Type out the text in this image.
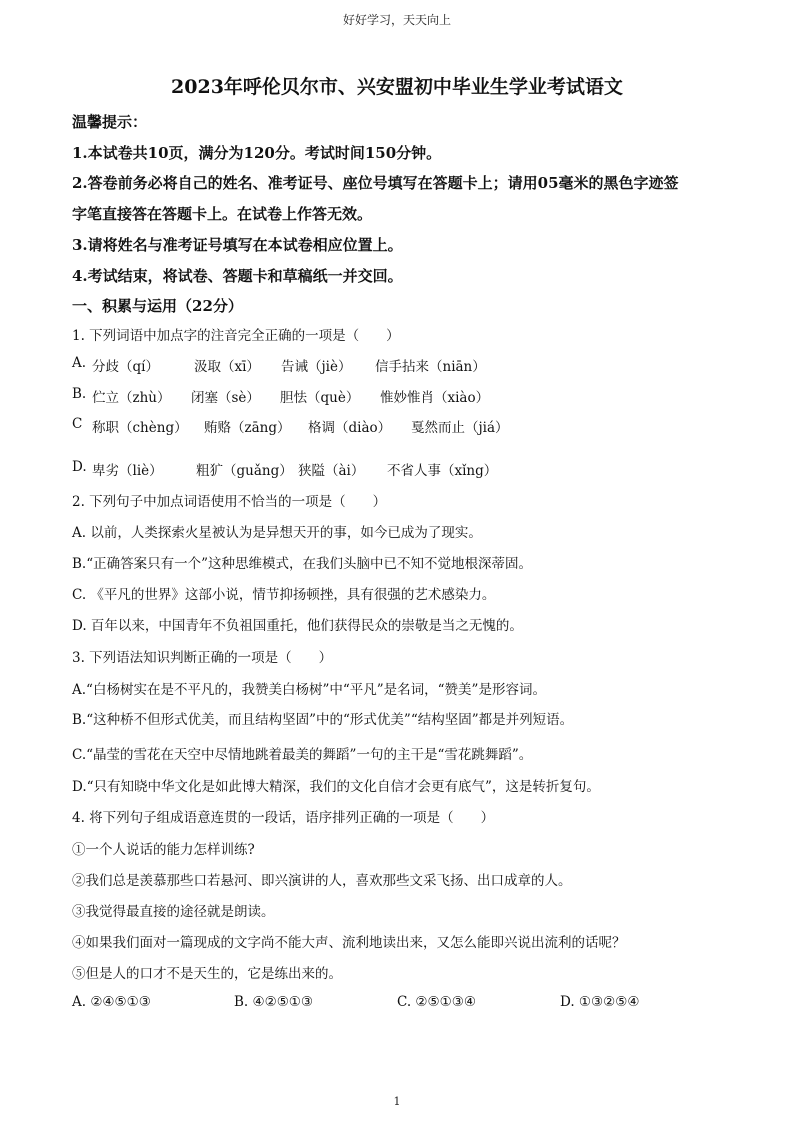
好好学习，天天向上
2023年呼伦贝尔市、兴安盟初中毕业生学业考试语文
温馨提示：
1.本试卷共10页，满分为120分。考试时间150分钟。
2.答卷前务必将自己的姓名、准考证号、座位号填写在答题卡上；请用05毫米的黑色字迹签
字笔直接答在答题卡上。在试卷上作答无效。
3.请将姓名与准考证号填写在本试卷相应位置上。
4.考试结束，将试卷、答题卡和草稿纸一并交回。
一、积累与运用（22分）
1. 下列词语中加点字的注音完全正确的一项是（　　）
A. 分歧（qí）	汲取（xī） 告诫（jiè） 信手拈来（niān）
B. 伫立（zhù） 闭塞（sè） 胆怯（què） 惟妙惟肖（xiào）
C 称职（chèng） 贿赂（zāng） 格调（diào） 戛然而止（jiá）
D. 卑劣（liè） 粗犷（guǎng） 狭隘（ài） 不省人事（xǐng）
2. 下列句子中加点词语使用不恰当的一项是（　　）
A. 以前，人类探索火星被认为是异想天开的事，如今已成为了现实。
B.“正确答案只有一个”这种思维模式，在我们头脑中已不知不觉地根深蒂固。
C. 《平凡的世界》这部小说，情节抑扬顿挫，具有很强的艺术感染力。
D. 百年以来，中国青年不负祖国重托，他们获得民众的崇敬是当之无愧的。
3. 下列语法知识判断正确的一项是（　　）
A.“白杨树实在是不平凡的，我赞美白杨树”中“平凡”是名词，“赞美”是形容词。
B.“这种桥不但形式优美，而且结构坚固”中的“形式优美”“结构坚固”都是并列短语。
C.“晶莹的雪花在天空中尽情地跳着最美的舞蹈”一句的主干是“雪花跳舞蹈”。
D.“只有知晓中华文化是如此博大精深，我们的文化自信才会更有底气”，这是转折复句。
4. 将下列句子组成语意连贯的一段话，语序排列正确的一项是（　　）
①一个人说话的能力怎样训练?
②我们总是羡慕那些口若悬河、即兴演讲的人，喜欢那些文采飞扬、出口成章的人。
③我觉得最直接的途径就是朗读。
④如果我们面对一篇现成的文字尚不能大声、流利地读出来，又怎么能即兴说出流利的话呢？
⑤但是人的口才不是天生的，它是练出来的。
A. ②④⑤①③	B. ④②⑤①③	C. ②⑤①③④	D. ①③②⑤④
1
